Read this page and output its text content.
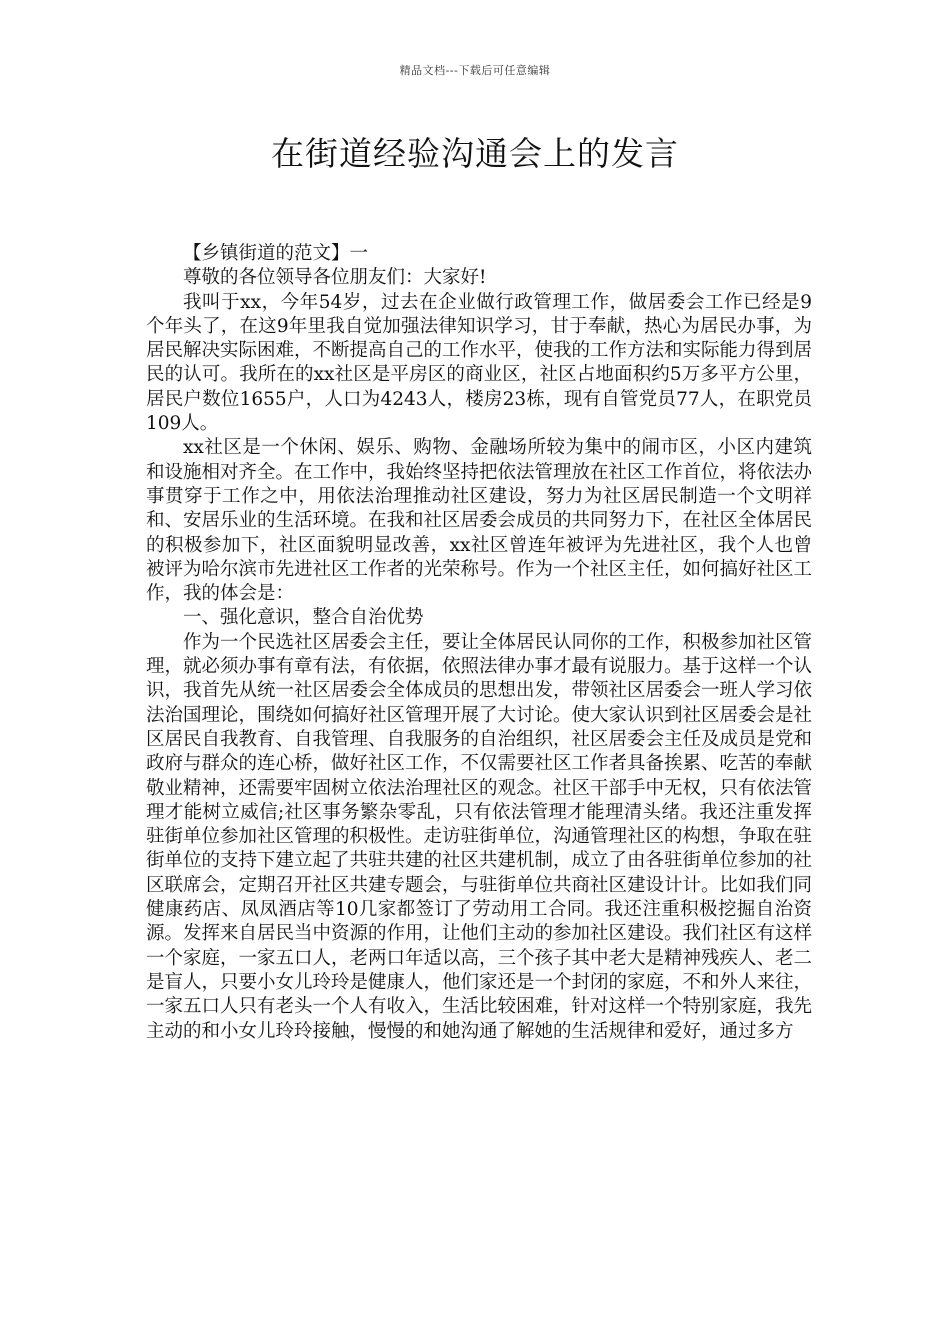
精品文档---下载后可任意编辑
在街道经验沟通会上的发言

【乡镇街道的范文】一

尊敬的各位领导各位朋友们：大家好!

我叫于xx，今年54岁，过去在企业做行政管理工作，做居委会工作已经是9个年头了，在这9年里我自觉加强法律知识学习，甘于奉献，热心为居民办事，为居民解决实际困难，不断提高自己的工作水平，使我的工作方法和实际能力得到居民的认可。我所在的xx社区是平房区的商业区，社区占地面积约5万多平方公里，居民户数位1655户，人口为4243人，楼房23栋，现有自管党员77人，在职党员109人。

xx社区是一个休闲、娱乐、购物、金融场所较为集中的闹市区，小区内建筑和设施相对齐全。在工作中，我始终坚持把依法管理放在社区工作首位，将依法办事贯穿于工作之中，用依法治理推动社区建设，努力为社区居民制造一个文明祥和、安居乐业的生活环境。在我和社区居委会成员的共同努力下，在社区全体居民的积极参加下，社区面貌明显改善，xx社区曾连年被评为先进社区，我个人也曾被评为哈尔滨市先进社区工作者的光荣称号。作为一个社区主任，如何搞好社区工作，我的体会是：

一、强化意识，整合自治优势

作为一个民选社区居委会主任，要让全体居民认同你的工作，积极参加社区管理，就必须办事有章有法，有依据，依照法律办事才最有说服力。基于这样一个认识，我首先从统一社区居委会全体成员的思想出发，带领社区居委会一班人学习依法治国理论，围绕如何搞好社区管理开展了大讨论。使大家认识到社区居委会是社区居民自我教育、自我管理、自我服务的自治组织，社区居委会主任及成员是党和政府与群众的连心桥，做好社区工作，不仅需要社区工作者具备挨累、吃苦的奉献敬业精神，还需要牢固树立依法治理社区的观念。社区干部手中无权，只有依法管理才能树立威信;社区事务繁杂零乱，只有依法管理才能理清头绪。我还注重发挥驻街单位参加社区管理的积极性。走访驻街单位，沟通管理社区的构想，争取在驻街单位的支持下建立起了共驻共建的社区共建机制，成立了由各驻街单位参加的社区联席会，定期召开社区共建专题会，与驻街单位共商社区建设计计。比如我们同健康药店、凤凤酒店等10几家都签订了劳动用工合同。我还注重积极挖掘自治资源。发挥来自居民当中资源的作用，让他们主动的参加社区建设。我们社区有这样一个家庭，一家五口人，老两口年适以高，三个孩子其中老大是精神残疾人、老二是盲人，只要小女儿玲玲是健康人，他们家还是一个封闭的家庭，不和外人来往，一家五口人只有老头一个人有收入，生活比较困难，针对这样一个特别家庭，我先主动的和小女儿玲玲接触，慢慢的和她沟通了解她的生活规律和爱好，通过多方
